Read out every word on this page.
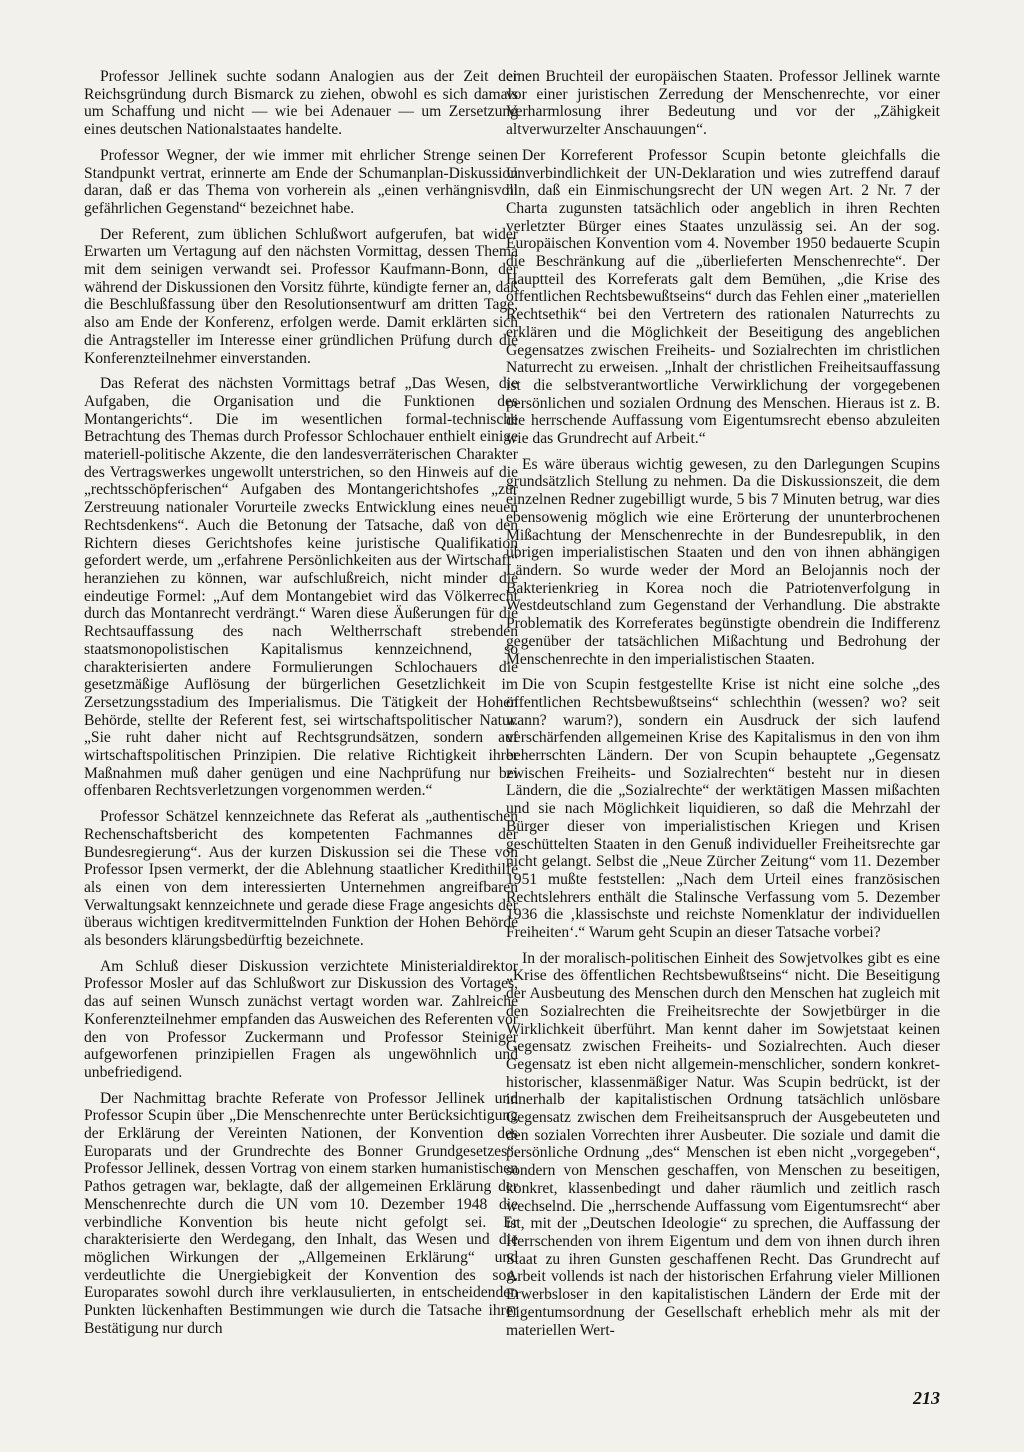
Professor Jellinek suchte sodann Analogien aus der Zeit der Reichsgründung durch Bismarck zu ziehen, obwohl es sich damals um Schaffung und nicht — wie bei Adenauer — um Zersetzung eines deutschen Nationalstaates handelte.

Professor Wegner, der wie immer mit ehrlicher Strenge seinen Standpunkt vertrat, erinnerte am Ende der Schumanplan-Diskussion daran, daß er das Thema von vorherein als „einen verhängnisvoll gefährlichen Gegenstand“ bezeichnet habe.

Der Referent, zum üblichen Schlußwort aufgerufen, bat wider Erwarten um Vertagung auf den nächsten Vormittag, dessen Thema mit dem seinigen verwandt sei. Professor Kaufmann-Bonn, der während der Diskussionen den Vorsitz führte, kündigte ferner an, daß die Beschlußfassung über den Resolutionsentwurf am dritten Tage, also am Ende der Konferenz, erfolgen werde. Damit erklärten sich die Antragsteller im Interesse einer gründlichen Prüfung durch die Konferenzteilnehmer einverstanden.

Das Referat des nächsten Vormittags betraf „Das Wesen, die Aufgaben, die Organisation und die Funktionen des Montangerichts“. Die im wesentlichen formal-technische Betrachtung des Themas durch Professor Schlochauer enthielt einige materiell-politische Akzente, die den landesverräterischen Charakter des Vertragswerkes ungewollt unterstrichen, so den Hinweis auf die „rechtsschöpferischen“ Aufgaben des Montangerichtshofes „zur Zerstreuung nationaler Vorurteile zwecks Entwicklung eines neuen Rechtsdenkens“. Auch die Betonung der Tatsache, daß von den Richtern dieses Gerichtshofes keine juristische Qualifikation gefordert werde, um „erfahrene Persönlichkeiten aus der Wirtschaft“ heranziehen zu können, war aufschlußreich, nicht minder die eindeutige Formel: „Auf dem Montangebiet wird das Völkerrecht durch das Montanrecht verdrängt.“ Waren diese Äußerungen für die Rechtsauffassung des nach Weltherrschaft strebenden staatsmonopolistischen Kapitalismus kennzeichnend, so charakterisierten andere Formulierungen Schlochauers die gesetzmäßige Auflösung der bürgerlichen Gesetzlichkeit im Zersetzungsstadium des Imperialismus. Die Tätigkeit der Hohen Behörde, stellte der Referent fest, sei wirtschaftspolitischer Natur. „Sie ruht daher nicht auf Rechtsgrundsätzen, sondern auf wirtschaftspolitischen Prinzipien. Die relative Richtigkeit ihrer Maßnahmen muß daher genügen und eine Nachprüfung nur bei offenbaren Rechtsverletzungen vorgenommen werden.“

Professor Schätzel kennzeichnete das Referat als „authentischen Rechenschaftsbericht des kompetenten Fachmannes der Bundesregierung“. Aus der kurzen Diskussion sei die These von Professor Ipsen vermerkt, der die Ablehnung staatlicher Kredithilfe als einen von dem interessierten Unternehmen angreifbaren Verwaltungsakt kennzeichnete und gerade diese Frage angesichts der überaus wichtigen kreditvermittelnden Funktion der Hohen Behörde als besonders klärungsbedürftig bezeichnete.

Am Schluß dieser Diskussion verzichtete Ministerialdirektor Professor Mosler auf das Schlußwort zur Diskussion des Vortages, das auf seinen Wunsch zunächst vertagt worden war. Zahlreiche Konferenzteilnehmer empfanden das Ausweichen des Referenten vor den von Professor Zuckermann und Professor Steiniger aufgeworfenen prinzipiellen Fragen als ungewöhnlich und unbefriedigend.

Der Nachmittag brachte Referate von Professor Jellinek und Professor Scupin über „Die Menschenrechte unter Berücksichtigung der Erklärung der Vereinten Nationen, der Konvention des Europarats und der Grundrechte des Bonner Grundgesetzes“. Professor Jellinek, dessen Vortrag von einem starken humanistischen Pathos getragen war, beklagte, daß der allgemeinen Erklärung der Menschenrechte durch die UN vom 10. Dezember 1948 die verbindliche Konvention bis heute nicht gefolgt sei. Er charakterisierte den Werdegang, den Inhalt, das Wesen und die möglichen Wirkungen der „Allgemeinen Erklärung“ und verdeutlichte die Unergiebigkeit der Konvention des sog. Europarates sowohl durch ihre verklausulierten, in entscheidenden Punkten lückenhaften Bestimmungen wie durch die Tatsache ihrer Bestätigung nur durch

einen Bruchteil der europäischen Staaten. Professor Jellinek warnte vor einer juristischen Zerredung der Menschenrechte, vor einer Verharmlosung ihrer Bedeutung und vor der „Zähigkeit altverwurzelter Anschauungen“.

Der Korreferent Professor Scupin betonte gleichfalls die Unverbindlichkeit der UN-Deklaration und wies zutreffend darauf hin, daß ein Einmischungsrecht der UN wegen Art. 2 Nr. 7 der Charta zugunsten tatsächlich oder angeblich in ihren Rechten verletzter Bürger eines Staates unzulässig sei. An der sog. Europäischen Konvention vom 4. November 1950 bedauerte Scupin die Beschränkung auf die „überlieferten Menschenrechte“. Der Hauptteil des Korreferats galt dem Bemühen, „die Krise des öffentlichen Rechtsbewußtseins“ durch das Fehlen einer „materiellen Rechtsethik“ bei den Vertretern des rationalen Naturrechts zu erklären und die Möglichkeit der Beseitigung des angeblichen Gegensatzes zwischen Freiheits- und Sozialrechten im christlichen Naturrecht zu erweisen. „Inhalt der christlichen Freiheitsauffassung ist die selbstverantwortliche Verwirklichung der vorgegebenen persönlichen und sozialen Ordnung des Menschen. Hieraus ist z. B. die herrschende Auffassung vom Eigentumsrecht ebenso abzuleiten wie das Grundrecht auf Arbeit.“

Es wäre überaus wichtig gewesen, zu den Darlegungen Scupins grundsätzlich Stellung zu nehmen. Da die Diskussionszeit, die dem einzelnen Redner zugebilligt wurde, 5 bis 7 Minuten betrug, war dies ebensowenig möglich wie eine Erörterung der ununterbrochenen Mißachtung der Menschenrechte in der Bundesrepublik, in den übrigen imperialistischen Staaten und den von ihnen abhängigen Ländern. So wurde weder der Mord an Belojannis noch der Bakterienkrieg in Korea noch die Patriotenverfolgung in Westdeutschland zum Gegenstand der Verhandlung. Die abstrakte Problematik des Korreferates begünstigte obendrein die Indifferenz gegenüber der tatsächlichen Mißachtung und Bedrohung der Menschenrechte in den imperialistischen Staaten.

Die von Scupin festgestellte Krise ist nicht eine solche „des öffentlichen Rechtsbewußtseins“ schlechthin (wessen? wo? seit wann? warum?), sondern ein Ausdruck der sich laufend verschärfenden allgemeinen Krise des Kapitalismus in den von ihm beherrschten Ländern. Der von Scupin behauptete „Gegensatz zwischen Freiheits- und Sozialrechten“ besteht nur in diesen Ländern, die die „Sozialrechte“ der werktätigen Massen mißachten und sie nach Möglichkeit liquidieren, so daß die Mehrzahl der Bürger dieser von imperialistischen Kriegen und Krisen geschüttelten Staaten in den Genuß individueller Freiheitsrechte gar nicht gelangt. Selbst die „Neue Zürcher Zeitung“ vom 11. Dezember 1951 mußte feststellen: „Nach dem Urteil eines französischen Rechtslehrers enthält die Stalinsche Verfassung vom 5. Dezember 1936 die ‚klassischste und reichste Nomenklatur der individuellen Freiheiten‘.“ Warum geht Scupin an dieser Tatsache vorbei?

In der moralisch-politischen Einheit des Sowjetvolkes gibt es eine „Krise des öffentlichen Rechtsbewußtseins“ nicht. Die Beseitigung der Ausbeutung des Menschen durch den Menschen hat zugleich mit den Sozialrechten die Freiheitsrechte der Sowjetbürger in die Wirklichkeit überführt. Man kennt daher im Sowjetstaat keinen Gegensatz zwischen Freiheits- und Sozialrechten. Auch dieser Gegensatz ist eben nicht allgemein-menschlicher, sondern konkret-historischer, klassenmäßiger Natur. Was Scupin bedrückt, ist der innerhalb der kapitalistischen Ordnung tatsächlich unlösbare Gegensatz zwischen dem Freiheitsanspruch der Ausgebeuteten und den sozialen Vorrechten ihrer Ausbeuter. Die soziale und damit die persönliche Ordnung „des“ Menschen ist eben nicht „vorgegeben“, sondern von Menschen geschaffen, von Menschen zu beseitigen, konkret, klassenbedingt und daher räumlich und zeitlich rasch wechselnd. Die „herrschende Auffassung vom Eigentumsrecht“ aber ist, mit der „Deutschen Ideologie“ zu sprechen, die Auffassung der Herrschenden von ihrem Eigentum und dem von ihnen durch ihren Staat zu ihren Gunsten geschaffenen Recht. Das Grundrecht auf Arbeit vollends ist nach der historischen Erfahrung vieler Millionen Erwerbsloser in den kapitalistischen Ländern der Erde mit der Eigentumsordnung der Gesellschaft erheblich mehr als mit der materiellen Wert-

213
